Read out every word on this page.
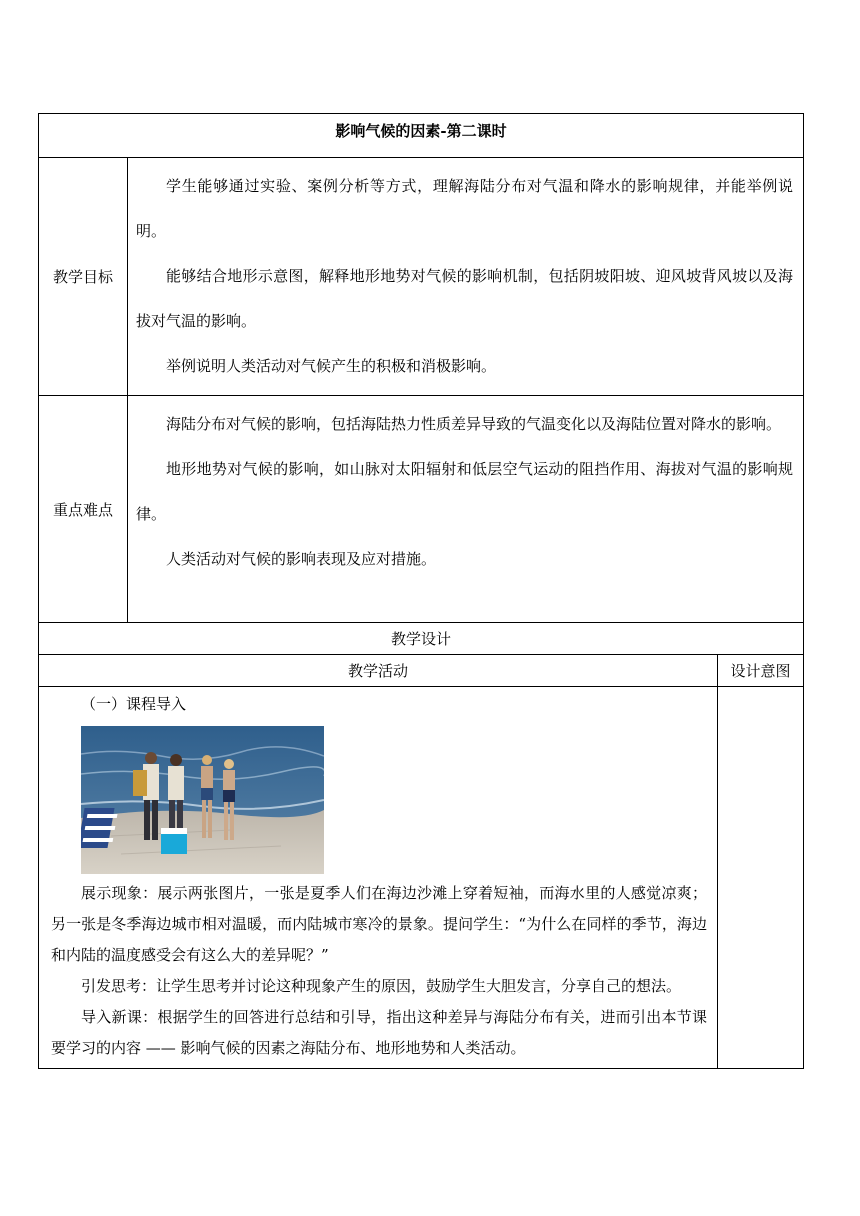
影响气候的因素-第二课时		
教学目标	学生能够通过实验、案例分析等方式，理解海陆分布对气温和降水的影响规律，并能举例说明。

能够结合地形示意图，解释地形地势对气候的影响机制，包括阴坡阳坡、迎风坡背风坡以及海拔对气温的影响。

举例说明人类活动对气候产生的积极和消极影响。	

重点难点	海陆分布对气候的影响，包括海陆热力性质差异导致的气温变化以及海陆位置对降水的影响。

地形地势对气候的影响，如山脉对太阳辐射和低层空气运动的阻挡作用、海拔对气温的影响规律。

人类活动对气候的影响表现及应对措施。	

教学设计		
教学活动		设计意图

（一）课程导入

展示现象：展示两张图片，一张是夏季人们在海边沙滩上穿着短袖，而海水里的人感觉凉爽；另一张是冬季海边城市相对温暖，而内陆城市寒冷的景象。提问学生：“为什么在同样的季节，海边和内陆的温度感受会有这么大的差异呢？”

引发思考：让学生思考并讨论这种现象产生的原因，鼓励学生大胆发言，分享自己的想法。

导入新课：根据学生的回答进行总结和引导，指出这种差异与海陆分布有关，进而引出本节课要学习的内容 —— 影响气候的因素之海陆分布、地形地势和人类活动。		
